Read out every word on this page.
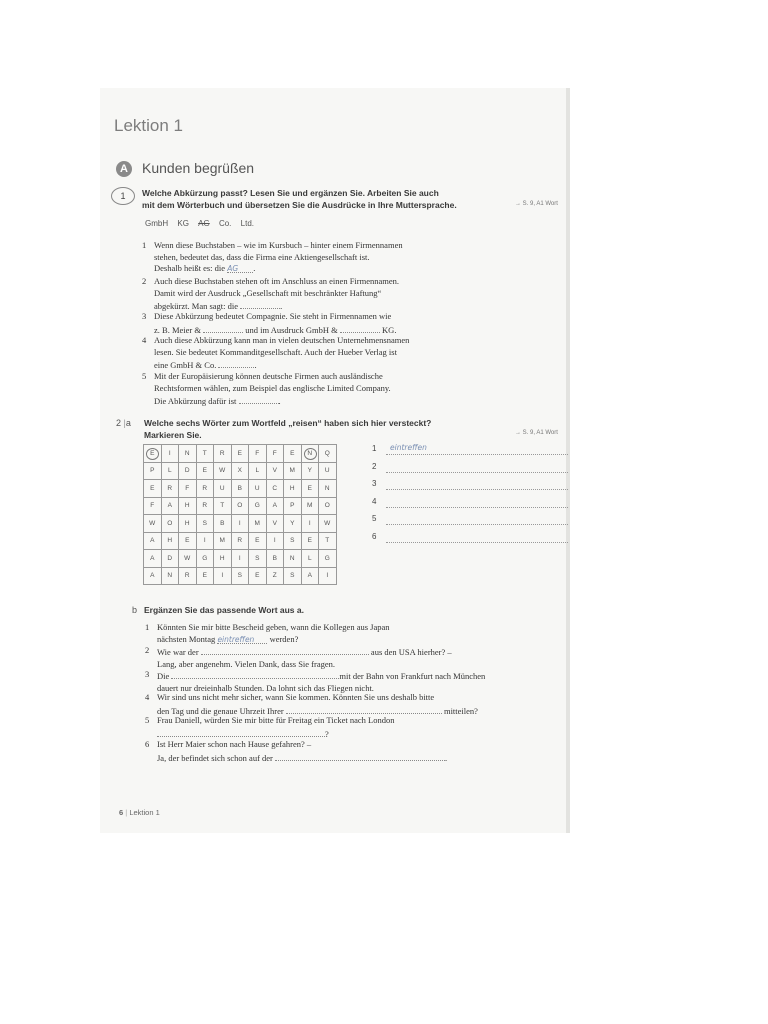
Lektion 1
A Kunden begrüßen
1	Welche Abkürzung passt? Lesen Sie und ergänzen Sie. Arbeiten Sie auch
mit dem Wörterbuch und übersetzen Sie die Ausdrücke in Ihre Muttersprache.	→ S. 9, A1 Wort
GmbH KG AG Co. Ltd.
1 Wenn diese Buchstaben – wie im Kursbuch – hinter einem Firmennamen
stehen, bedeutet das, dass die Firma eine Aktiengesellschaft ist.
Deshalb heißt es: die AG .
2 Auch diese Buchstaben stehen oft im Anschluss an einen Firmennamen.
Damit wird der Ausdruck „Gesellschaft mit beschränkter Haftung“
abgekürzt. Man sagt: die	.
3 Diese Abkürzung bedeutet Compagnie. Sie steht in Firmennamen wie
z. B. Meier &	und im Ausdruck GmbH &	KG.
4 Auch diese Abkürzung kann man in vielen deutschen Unternehmensnamen
lesen. Sie bedeutet Kommanditgesellschaft. Auch der Hueber Verlag ist
eine GmbH & Co.	.
5 Mit der Europäisierung können deutsche Firmen auch ausländische
Rechtsformen wählen, zum Beispiel das englische Limited Company.
Die Abkürzung dafür ist	.
2 |a Welche sechs Wörter zum Wortfeld „reisen“ haben sich hier versteckt?
Markieren Sie.	→ S. 9, A1 Wort
E	I	N	T	R	E	F	F	E	N	Q
P	L	D	E	W	X	L	V	M	Y	U
E	R	F	R	U	B	U	C	H	E	N
F	A	H	R	T	O	G	A	P	M	O
W	O	H	S	B	I	M	V	Y	I	W
A	H	E	I	M	R	E	I	S	E	T
A	D	W	G	H	I	S	B	N	L	G
A	N	R	E	I	S	E	Z	S	A	I
1 eintreffen
2
3
4
5
6
b Ergänzen Sie das passende Wort aus a.
1 Könnten Sie mir bitte Bescheid geben, wann die Kollegen aus Japan
nächsten Montag eintreffen werden?
2 Wie war der	aus den USA hierher? –
Lang, aber angenehm. Vielen Dank, dass Sie fragen.
3 Die	mit der Bahn von Frankfurt nach München
dauert nur dreieinhalb Stunden. Da lohnt sich das Fliegen nicht.
4 Wir sind uns nicht mehr sicher, wann Sie kommen. Könnten Sie uns deshalb bitte
den Tag und die genaue Uhrzeit Ihrer	mitteilen?
5 Frau Daniell, würden Sie mir bitte für Freitag ein Ticket nach London
?
6 Ist Herr Maier schon nach Hause gefahren? –
Ja, der befindet sich schon auf der	.
6 | Lektion 1
